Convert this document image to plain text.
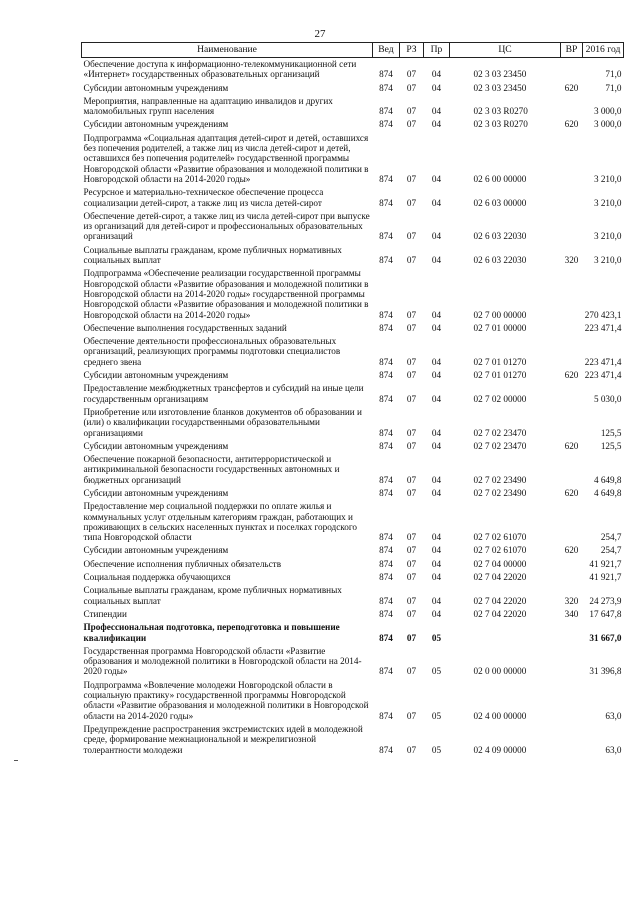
27
Наименование	Вед	РЗ	Пр	ЦС	ВР	2016 год
Обеспечение доступа к информационно-телекоммуникационной сети «Интернет» государственных образовательных организаций	874	07	04	02 3 03 23450		71,0
Субсидии автономным учреждениям	874	07	04	02 3 03 23450	620	71,0
Мероприятия, направленные на адаптацию инвалидов и других маломобильных групп населения	874	07	04	02 3 03 R0270		3 000,0
Субсидии автономным учреждениям	874	07	04	02 3 03 R0270	620	3 000,0
Подпрограмма «Социальная адаптация детей-сирот и детей, оставшихся без попечения родителей, а также лиц из числа детей-сирот и детей, оставшихся без попечения родителей» государственной программы Новгородской области «Развитие образования и молодежной политики в Новгородской области на 2014-2020 годы»	874	07	04	02 6 00 00000		3 210,0
Ресурсное и материально-техническое обеспечение процесса социализации детей-сирот, а также лиц из числа детей-сирот	874	07	04	02 6 03 00000		3 210,0
Обеспечение детей-сирот, а также лиц из числа детей-сирот при выпуске из организаций для детей-сирот и профессиональных образовательных организаций	874	07	04	02 6 03 22030		3 210,0
Социальные выплаты гражданам, кроме публичных нормативных социальных выплат	874	07	04	02 6 03 22030	320	3 210,0
Подпрограмма «Обеспечение реализации государственной программы Новгородской области «Развитие образования и молодежной политики в Новгородской области на 2014-2020 годы» государственной программы Новгородской области «Развитие образования и молодежной политики в Новгородской области на 2014-2020 годы»	874	07	04	02 7 00 00000		270 423,1
Обеспечение выполнения государственных заданий	874	07	04	02 7 01 00000		223 471,4
Обеспечение деятельности профессиональных образовательных организаций, реализующих программы подготовки специалистов среднего звена	874	07	04	02 7 01 01270		223 471,4
Субсидии автономным учреждениям	874	07	04	02 7 01 01270	620	223 471,4
Предоставление межбюджетных трансфертов и субсидий на иные цели государственным организациям	874	07	04	02 7 02 00000		5 030,0
Приобретение или изготовление бланков документов об образовании и (или) о квалификации государственными образовательными организациями	874	07	04	02 7 02 23470		125,5
Субсидии автономным учреждениям	874	07	04	02 7 02 23470	620	125,5
Обеспечение пожарной безопасности, антитеррористической и антикриминальной безопасности государственных автономных и бюджетных организаций	874	07	04	02 7 02 23490		4 649,8
Субсидии автономным учреждениям	874	07	04	02 7 02 23490	620	4 649,8
Предоставление мер социальной поддержки по оплате жилья и коммунальных услуг отдельным категориям граждан, работающих и проживающих в сельских населенных пунктах и поселках городского типа Новгородской области	874	07	04	02 7 02 61070		254,7
Субсидии автономным учреждениям	874	07	04	02 7 02 61070	620	254,7
Обеспечение исполнения публичных обязательств	874	07	04	02 7 04 00000		41 921,7
Социальная поддержка обучающихся	874	07	04	02 7 04 22020		41 921,7
Социальные выплаты гражданам, кроме публичных нормативных социальных выплат	874	07	04	02 7 04 22020	320	24 273,9
Стипендии	874	07	04	02 7 04 22020	340	17 647,8
Профессиональная подготовка, переподготовка и повышение квалификации	874	07	05			31 667,0
Государственная программа Новгородской области «Развитие образования и молодежной политики в Новгородской области на 2014-2020 годы»	874	07	05	02 0 00 00000		31 396,8
Подпрограмма «Вовлечение молодежи Новгородской области в социальную практику» государственной программы Новгородской области «Развитие образования и молодежной политики в Новгородской области на 2014-2020 годы»	874	07	05	02 4 00 00000		63,0
Предупреждение распространения экстремистских идей в молодежной среде, формирование межнациональной и межрелигиозной толерантности молодежи	874	07	05	02 4 09 00000		63,0
